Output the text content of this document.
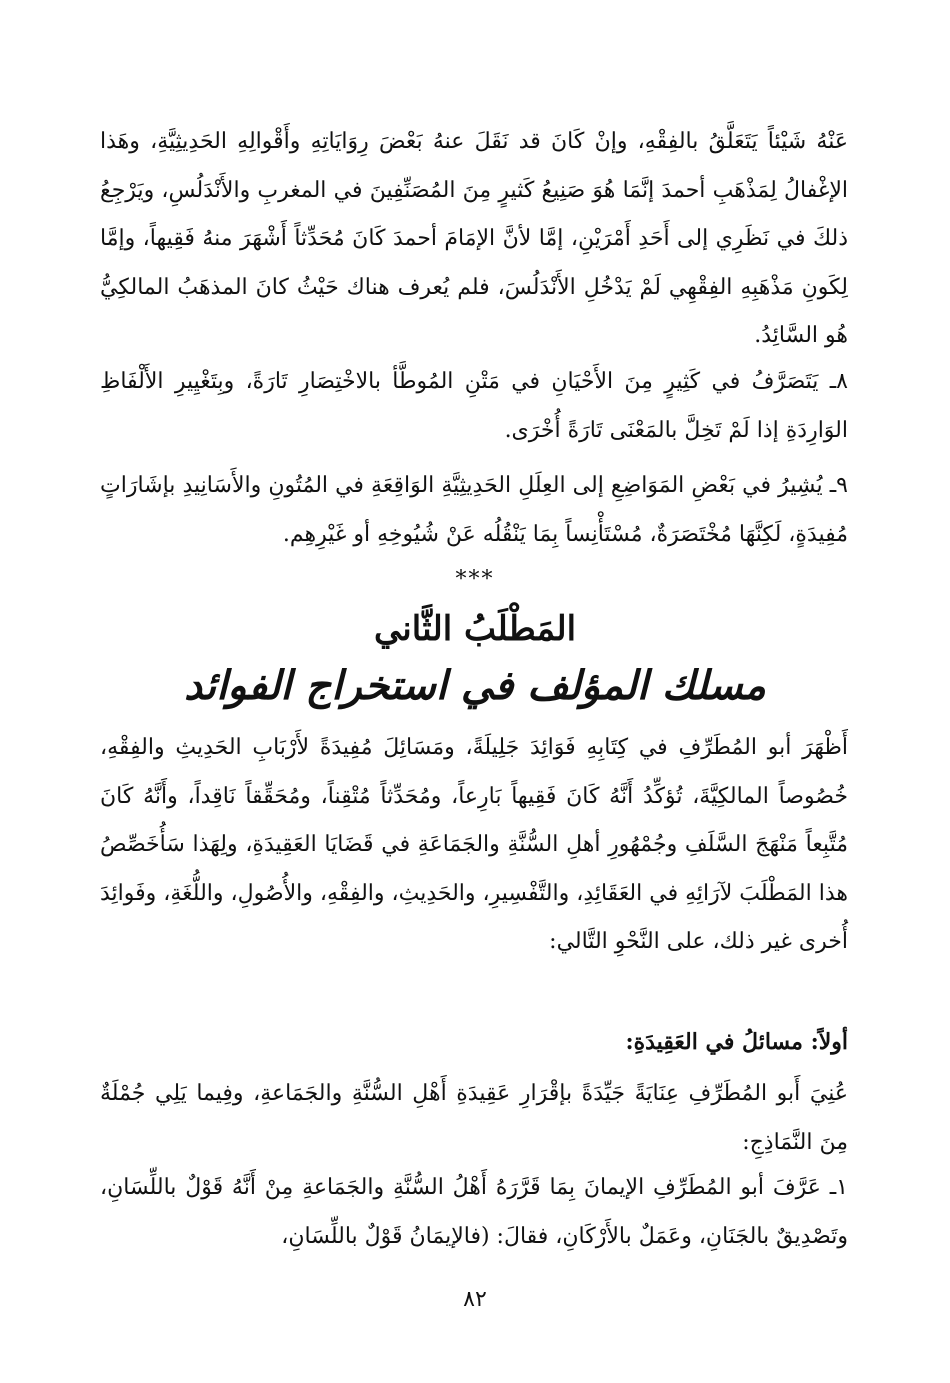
عَنْهُ شَيْئاً يَتَعَلَّقُ بالفِقْهِ، وإنْ كَانَ قد نَقَلَ عنهُ بَعْضَ رِوَايَاتِهِ وأَقْوالِهِ الحَدِيثِيَّةِ، وهَذا الإغْفالُ لِمَذْهَبِ أحمدَ إنَّمَا هُوَ صَنِيعُ كَثيرٍ مِنَ المُصَنِّفِينَ في المغربِ والأَنْدَلُسِ، ويَرْجِعُ ذلكَ في نَظَرِي إلى أَحَدِ أَمْرَيْنِ، إمَّا لأنَّ الإمَامَ أحمدَ كَانَ مُحَدِّثاً أَشْهَرَ منهُ فَقِيهاً، وإمَّا لِكَونِ مَذْهَبِهِ الفِقْهِي لَمْ يَدْخُلِ الأَنْدَلُسَ، فلم يُعرف هناك حَيْثُ كانَ المذهَبُ المالكِيُّ هُو السَّائِدُ.

٨ـ يَتَصَرَّفُ في كَثِيرٍ مِنَ الأَحْيَانِ في مَتْنِ المُوطَّأ بالاخْتِصَارِ تَارَةً، وبِتَغْيِيرِ الأَلْفَاظِ الوَارِدَةِ إذا لَمْ تَخِلَّ بالمَعْنَى تَارَةً أُخْرَى.

٩ـ يُشِيرُ في بَعْضِ المَوَاضِعِ إلى العِلَلِ الحَدِيثِيَّةِ الوَاقِعَةِ في المُتُونِ والأَسَانِيدِ بإشَارَاتٍ مُفِيدَةٍ، لَكِنَّهَا مُخْتَصَرَةٌ، مُسْتَأْنِساً بِمَا يَنْقُلُه عَنْ شُيُوخِهِ أو غَيْرِهِم.

***

المَطْلَبُ الثَّاني
مسلك المؤلف في استخراج الفوائد

أَظْهَرَ أبو المُطَرِّفِ في كِتَابِهِ فَوَائِدَ جَلِيلَةً، ومَسَائِلَ مُفِيدَةً لأَرْبَابِ الحَدِيثِ والفِقْهِ، خُصُوصاً المالكِيَّةَ، تُؤكِّدُ أَنَّهُ كَانَ فَقِيهاً بَارِعاً، ومُحَدِّثاً مُتْقِناً، ومُحَقِّقاً نَاقِداً، وأَنَّهُ كَانَ مُتَّبِعاً مَنْهَجَ السَّلَفِ وجُمْهُورِ أهلِ السُّنَّةِ والجَمَاعَةِ في قَضَايَا العَقِيدَةِ، ولِهَذا سَأُخَصِّصُ هذا المَطْلَبَ لآرَائِهِ في العَقَائِدِ، والتَّفْسِيرِ، والحَدِيثِ، والفِقْهِ، والأُصُولِ، واللُّغَةِ، وفَوائِدَ أُخرى غير ذلك، على النَّحْوِ التَّالي:

أولاً: مسائلُ في العَقِيدَةِ:

عُنِيَ أَبو المُطَرِّفِ عِنَايَةً جَيِّدَةً بإقْرَارِ عَقِيدَةِ أَهْلِ السُّنَّةِ والجَمَاعةِ، وفِيما يَلِي جُمْلَةٌ مِنَ النَّمَاذِجِ:

١ـ عَرَّفَ أبو المُطَرِّفِ الإيمانَ بِمَا قَرَّرَهُ أَهْلُ السُّنَّةِ والجَمَاعةِ مِنْ أَنَّهُ قَوْلٌ باللِّسَانِ، وتَصْدِيقٌ بالجَنَانِ، وعَمَلٌ بالأَرْكَانِ، فقالَ: (فالإيمَانُ قَوْلٌ باللِّسَانِ،

٨٢
